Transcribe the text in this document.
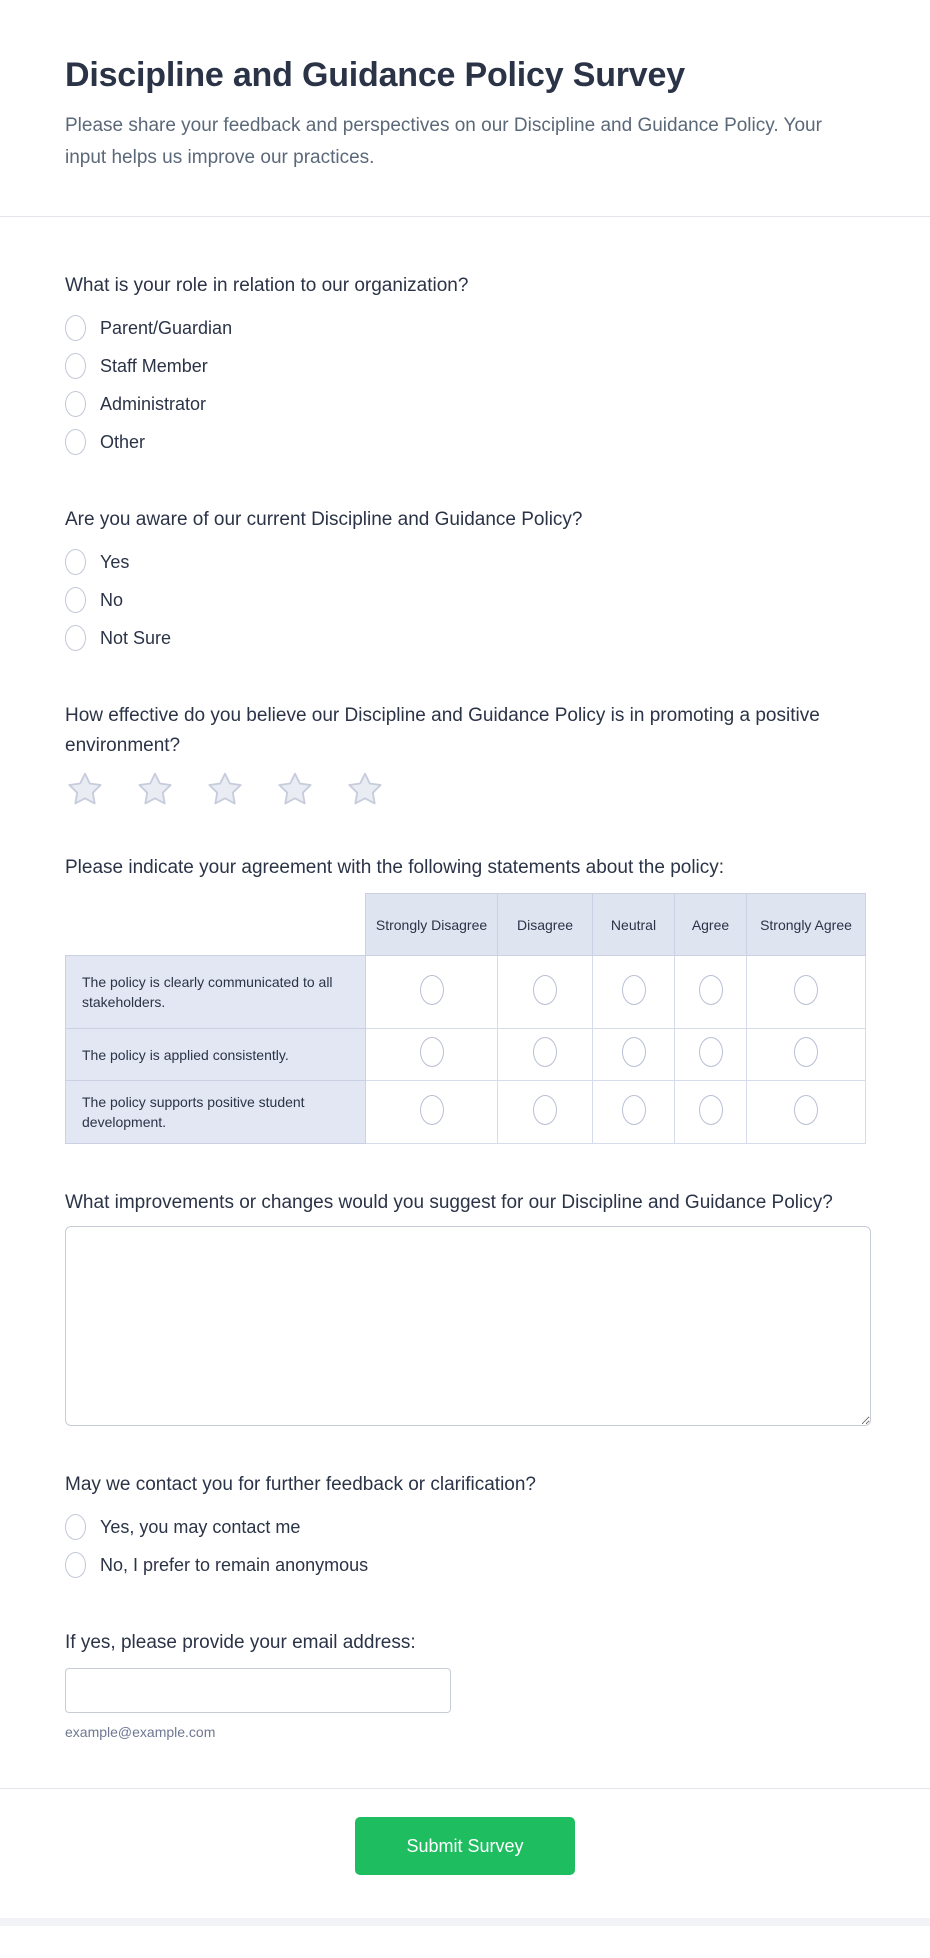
Discipline and Guidance Policy Survey

Please share your feedback and perspectives on our Discipline and Guidance Policy. Your input helps us improve our practices.

What is your role in relation to our organization?
Parent/Guardian
Staff Member
Administrator
Other
Are you aware of our current Discipline and Guidance Policy?
Yes
No
Not Sure
How effective do you believe our Discipline and Guidance Policy is in promoting a positive environment?
Please indicate your agreement with the following statements about the policy:
	Strongly Disagree	Disagree	Neutral	Agree	Strongly Agree
The policy is clearly communicated to all stakeholders.					
The policy is applied consistently.					
The policy supports positive student development.					
What improvements or changes would you suggest for our Discipline and Guidance Policy?
May we contact you for further feedback or clarification?
Yes, you may contact me
No, I prefer to remain anonymous
If yes, please provide your email address:
example@example.com
Submit Survey
